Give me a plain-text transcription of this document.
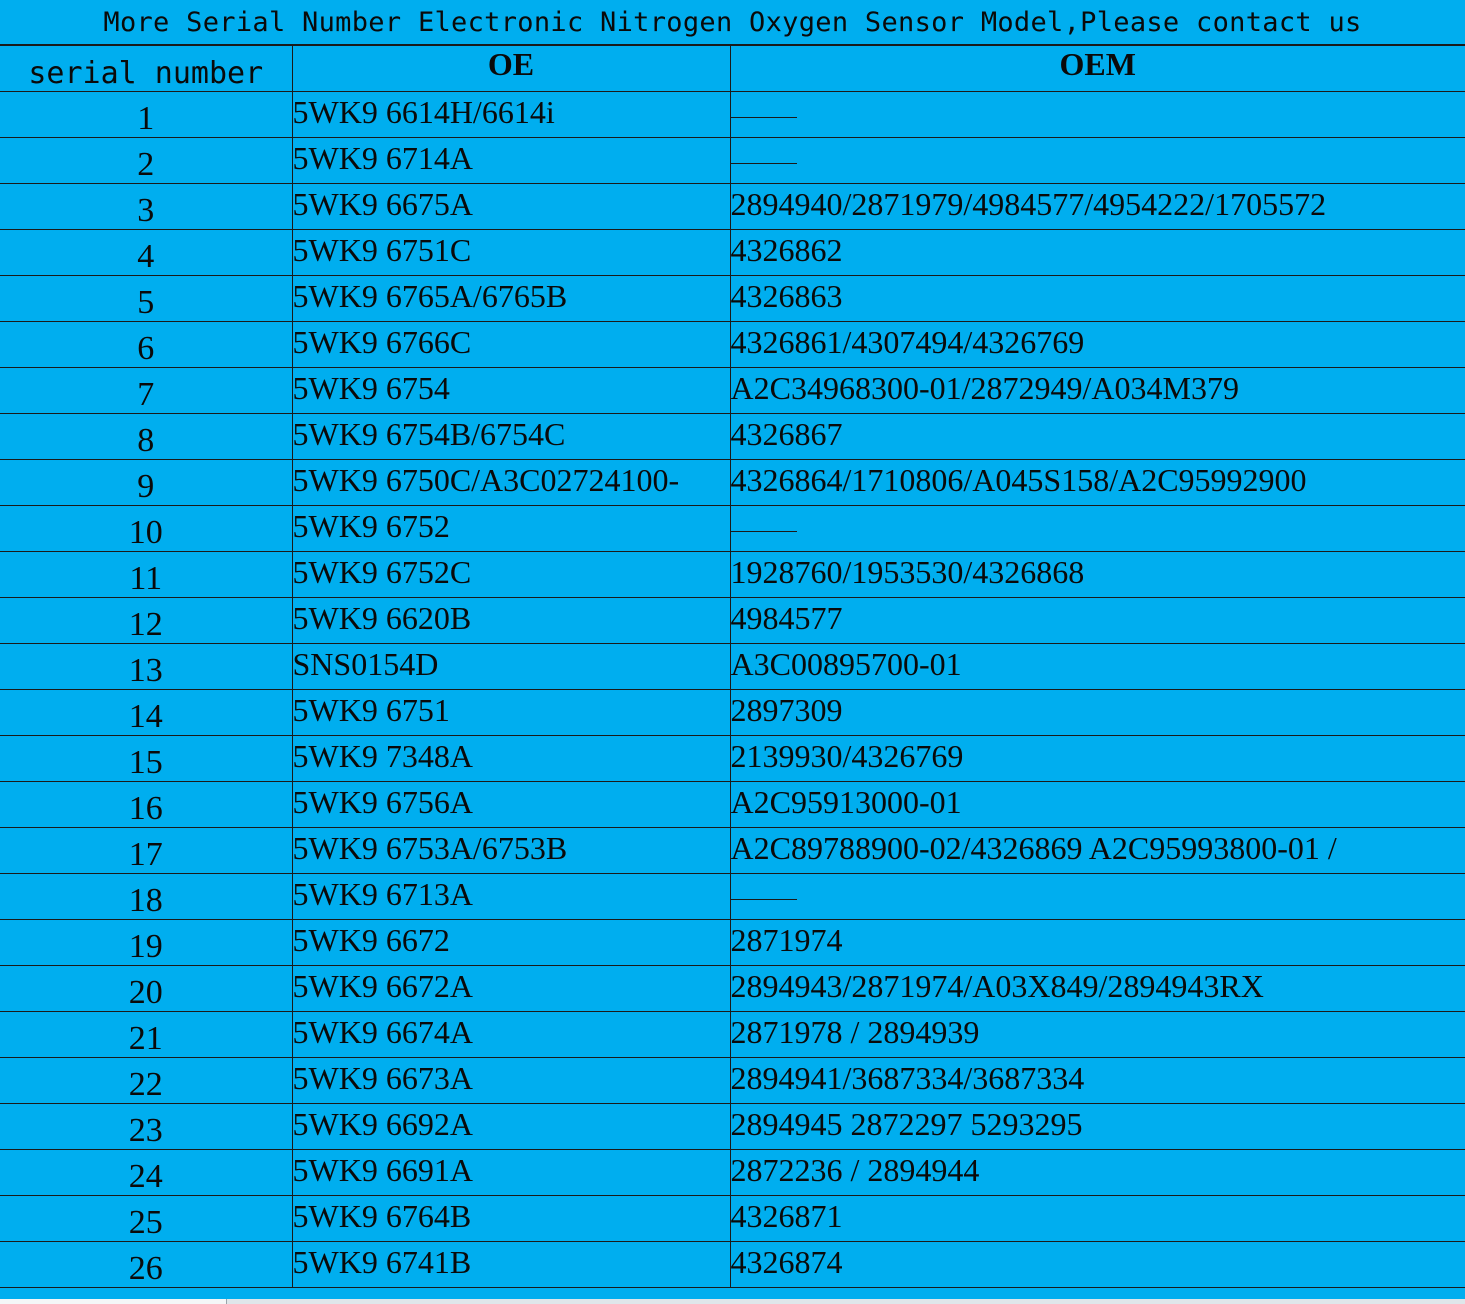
More Serial Number Electronic Nitrogen Oxygen Sensor Model,Please contact us
serial number	OE	OEM
1	5WK9 6614H/6614i	
2	5WK9 6714A	
3	5WK9 6675A	2894940/2871979/4984577/4954222/1705572
4	5WK9 6751C	4326862
5	5WK9 6765A/6765B	4326863
6	5WK9 6766C	4326861/4307494/4326769
7	5WK9 6754	A2C34968300-01/2872949/A034M379
8	5WK9 6754B/6754C	4326867
9	5WK9 6750C/A3C02724100-	4326864/1710806/A045S158/A2C95992900
10	5WK9 6752	
11	5WK9 6752C	1928760/1953530/4326868
12	5WK9 6620B	4984577
13	SNS0154D	A3C00895700-01
14	5WK9 6751	2897309
15	5WK9 7348A	2139930/4326769
16	5WK9 6756A	A2C95913000-01
17	5WK9 6753A/6753B	A2C89788900-02/4326869 A2C95993800-01 /
18	5WK9 6713A	
19	5WK9 6672	2871974
20	5WK9 6672A	2894943/2871974/A03X849/2894943RX
21	5WK9 6674A	2871978 / 2894939
22	5WK9 6673A	2894941/3687334/3687334
23	5WK9 6692A	2894945 2872297 5293295
24	5WK9 6691A	2872236 / 2894944
25	5WK9 6764B	4326871
26	5WK9 6741B	4326874
